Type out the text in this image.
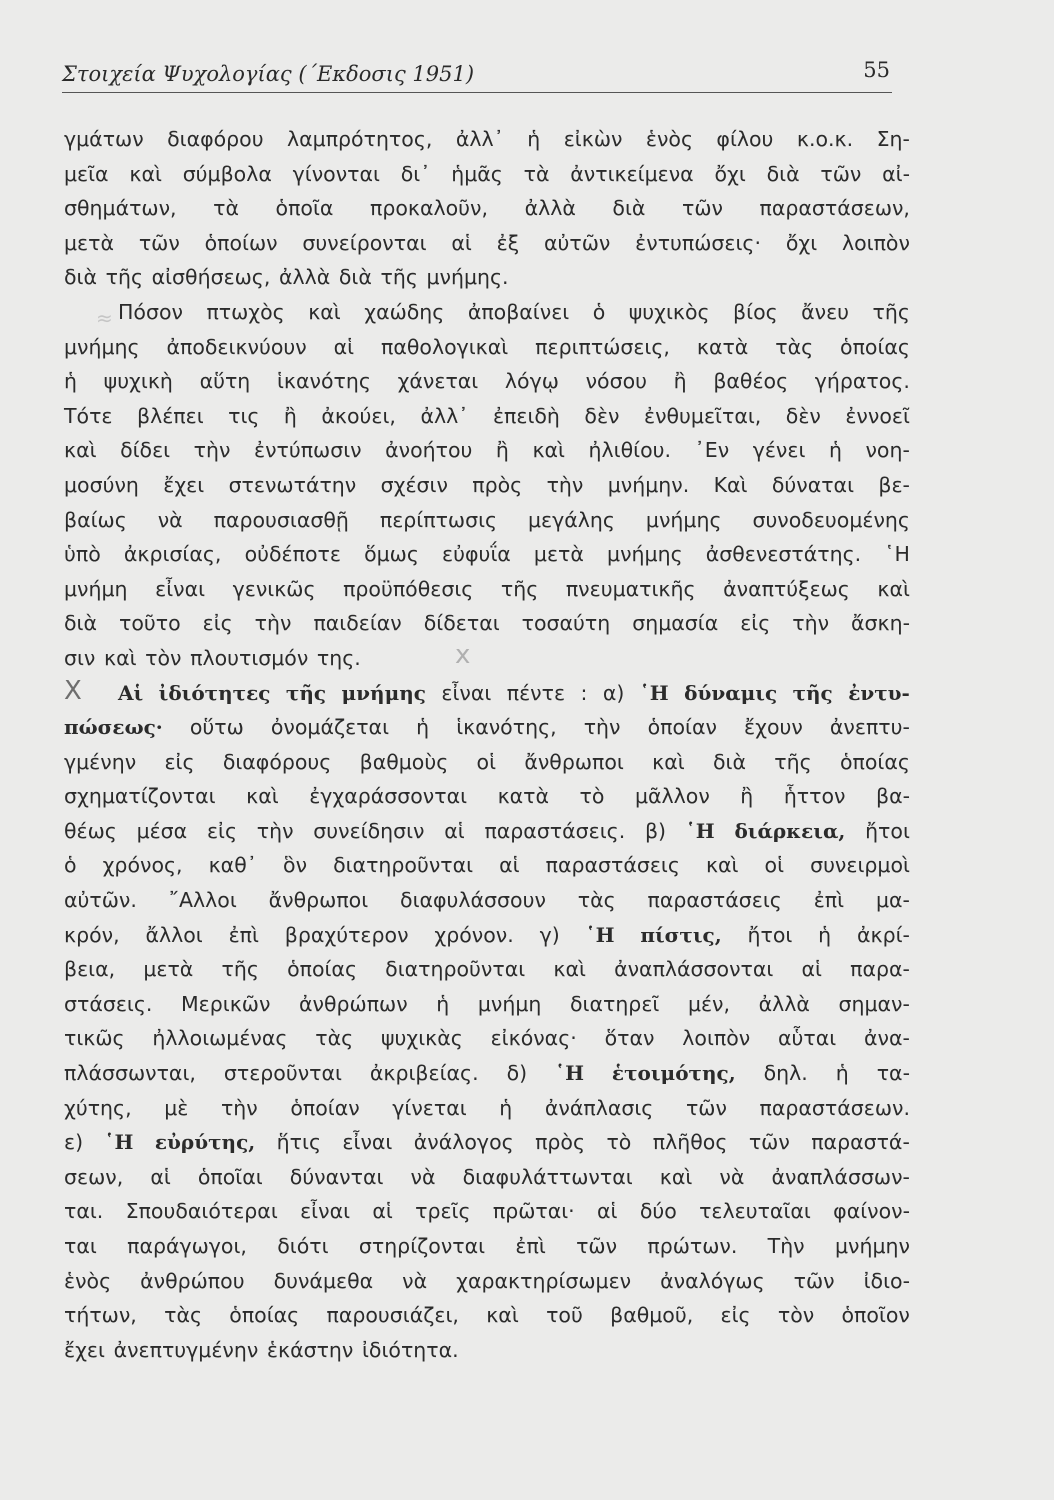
Στοιχεία Ψυχολογίας (΄Εκδοσις 1951)	55
≈
γμάτων διαφόρου λαμπρότητος, ἀλλ᾿ ἡ εἰκὼν ἑνὸς φίλου κ.ο.κ. Ση-
μεῖα καὶ σύμβολα γίνονται δι᾿ ἡμᾶς τὰ ἀντικείμενα ὄχι διὰ τῶν αἰ-
σθημάτων, τὰ ὁποῖα προκαλοῦν, ἀλλὰ διὰ τῶν παραστάσεων,
μετὰ τῶν ὁποίων συνείρονται αἱ ἐξ αὐτῶν ἐντυπώσεις· ὄχι λοιπὸν
διὰ τῆς αἰσθήσεως, ἀλλὰ διὰ τῆς μνήμης.
Πόσον πτωχὸς καὶ χαώδης ἀποβαίνει ὁ ψυχικὸς βίος ἄνευ τῆς
μνήμης ἀποδεικνύουν αἱ παθολογικαὶ περιπτώσεις, κατὰ τὰς ὁποίας
ἡ ψυχικὴ αὕτη ἱκανότης χάνεται λόγῳ νόσου ἢ βαθέος γήρατος.
Τότε βλέπει τις ἢ ἀκούει, ἀλλ᾿ ἐπειδὴ δὲν ἐνθυμεῖται, δὲν ἐννοεῖ
καὶ δίδει τὴν ἐντύπωσιν ἀνοήτου ἢ καὶ ἠλιθίου. ᾿Εν γένει ἡ νοη-
μοσύνη ἔχει στενωτάτην σχέσιν πρὸς τὴν μνήμην. Καὶ δύναται βε-
βαίως νὰ παρουσιασθῇ περίπτωσις μεγάλης μνήμης συνοδευομένης
ὑπὸ ἀκρισίας, οὐδέποτε ὅμως εὐφυΐα μετὰ μνήμης ἀσθενεστάτης. ῾Η
μνήμη εἶναι γενικῶς προϋπόθεσις τῆς πνευματικῆς ἀναπτύξεως καὶ
διὰ τοῦτο εἰς τὴν παιδείαν δίδεται τοσαύτη σημασία εἰς τὴν ἄσκη-
σιν καὶ τὸν πλουτισμόν της.
Αἱ ἰδιότητες τῆς μνήμης εἶναι πέντε : α) ῾Η δύναμις τῆς ἐντυ-
πώσεως· οὕτω ὀνομάζεται ἡ ἱκανότης, τὴν ὁποίαν ἔχουν ἀνεπτυ-
γμένην εἰς διαφόρους βαθμοὺς οἱ ἄνθρωποι καὶ διὰ τῆς ὁποίας
σχηματίζονται καὶ ἐγχαράσσονται κατὰ τὸ μᾶλλον ἢ ἧττον βα-
θέως μέσα εἰς τὴν συνείδησιν αἱ παραστάσεις. β) ῾Η διάρκεια, ἤτοι
ὁ χρόνος, καθ᾿ ὃν διατηροῦνται αἱ παραστάσεις καὶ οἱ συνειρμοὶ
αὐτῶν. ῎Αλλοι ἄνθρωποι διαφυλάσσουν τὰς παραστάσεις ἐπὶ μα-
κρόν, ἄλλοι ἐπὶ βραχύτερον χρόνον. γ) ῾Η πίστις, ἤτοι ἡ ἀκρί-
βεια, μετὰ τῆς ὁποίας διατηροῦνται καὶ ἀναπλάσσονται αἱ παρα-
στάσεις. Μερικῶν ἀνθρώπων ἡ μνήμη διατηρεῖ μέν, ἀλλὰ σημαν-
τικῶς ἠλλοιωμένας τὰς ψυχικὰς εἰκόνας· ὅταν λοιπὸν αὗται ἀνα-
πλάσσωνται, στεροῦνται ἀκριβείας. δ) ῾Η ἑτοιμότης, δηλ. ἡ τα-
χύτης, μὲ τὴν ὁποίαν γίνεται ἡ ἀνάπλασις τῶν παραστάσεων.
ε) ῾Η εὐρύτης, ἥτις εἶναι ἀνάλογος πρὸς τὸ πλῆθος τῶν παραστά-
σεων, αἱ ὁποῖαι δύνανται νὰ διαφυλάττωνται καὶ νὰ ἀναπλάσσων-
ται. Σπουδαιότεραι εἶναι αἱ τρεῖς πρῶται· αἱ δύο τελευταῖαι φαίνον-
ται παράγωγοι, διότι στηρίζονται ἐπὶ τῶν πρώτων. Τὴν μνήμην
ἑνὸς ἀνθρώπου δυνάμεθα νὰ χαρακτηρίσωμεν ἀναλόγως τῶν ἰδιο-
τήτων, τὰς ὁποίας παρουσιάζει, καὶ τοῦ βαθμοῦ, εἰς τὸν ὁποῖον
ἔχει ἀνεπτυγμένην ἑκάστην ἰδιότητα.
x
X
